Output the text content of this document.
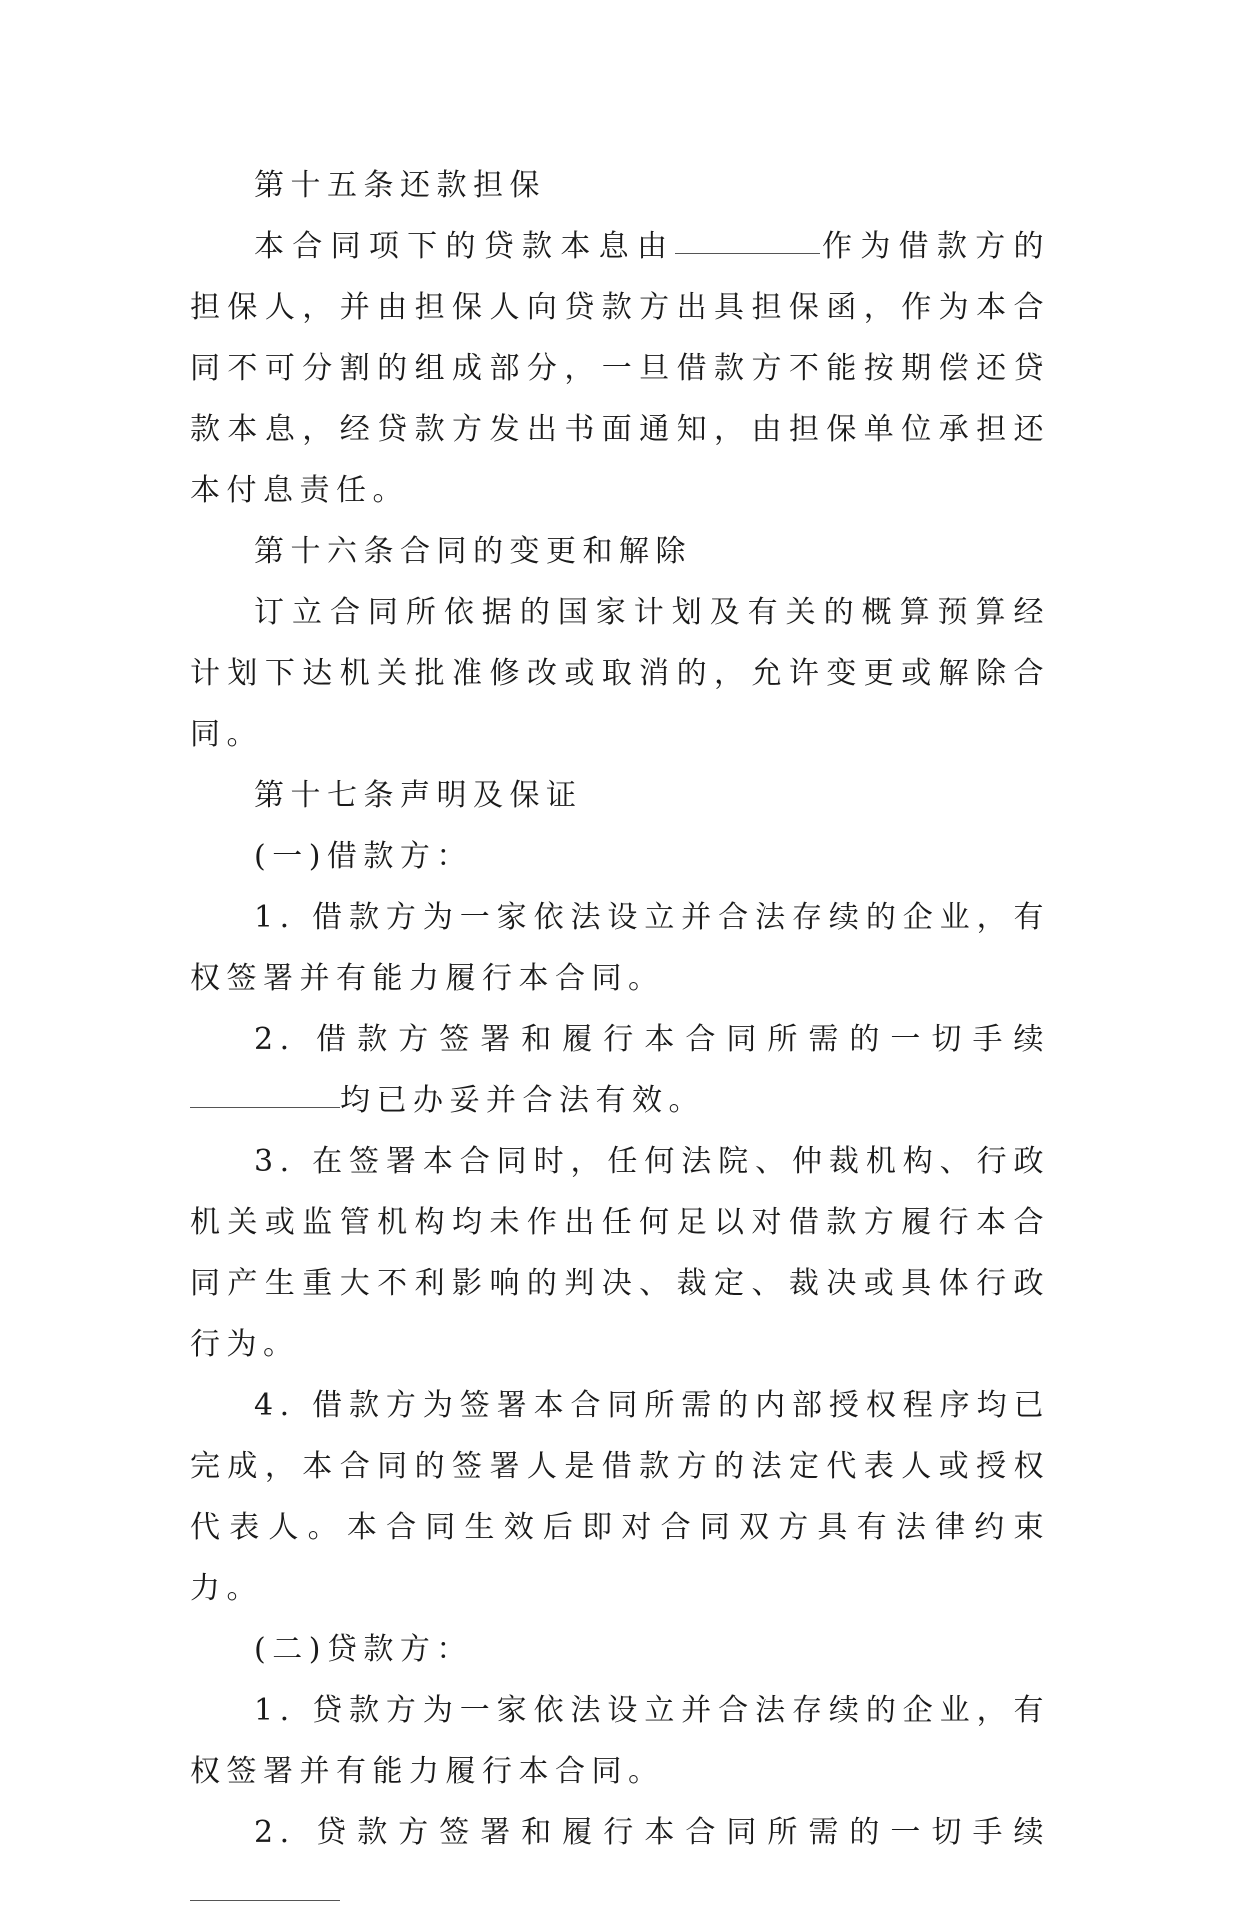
第十五条还款担保

本合同项下的贷款本息由	作为借款方的担保人，并由担保人向贷款方出具担保函，作为本合同不可分割的组成部分，一旦借款方不能按期偿还贷款本息，经贷款方发出书面通知，由担保单位承担还本付息责任。

第十六条合同的变更和解除

订立合同所依据的国家计划及有关的概算预算经计划下达机关批准修改或取消的，允许变更或解除合同。

第十七条声明及保证

(一)借款方：

1. 借款方为一家依法设立并合法存续的企业，有权签署并有能力履行本合同。

2. 借款方签署和履行本合同所需的一切手续均已办妥并合法有效。

3. 在签署本合同时，任何法院、仲裁机构、行政机关或监管机构均未作出任何足以对借款方履行本合同产生重大不利影响的判决、裁定、裁决或具体行政行为。

4. 借款方为签署本合同所需的内部授权程序均已完成，本合同的签署人是借款方的法定代表人或授权代表人。本合同生效后即对合同双方具有法律约束力。

(二)贷款方：

1. 贷款方为一家依法设立并合法存续的企业，有权签署并有能力履行本合同。

2. 贷款方签署和履行本合同所需的一切手续
